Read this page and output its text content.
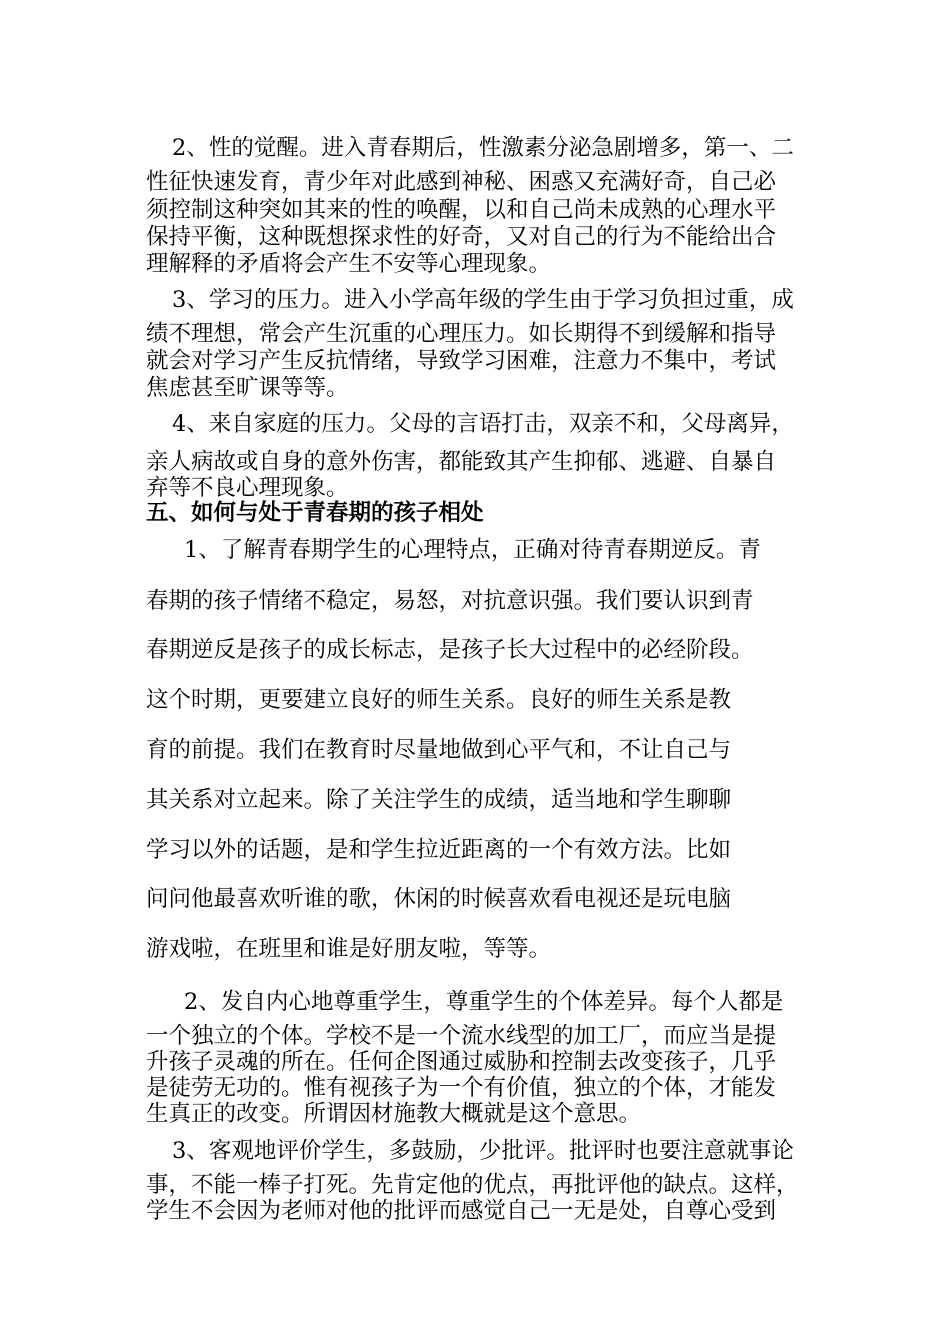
2、性的觉醒。进入青春期后，性激素分泌急剧增多，第一、二

性征快速发育，青少年对此感到神秘、困惑又充满好奇，自己必

须控制这种突如其来的性的唤醒，以和自己尚未成熟的心理水平

保持平衡，这种既想探求性的好奇，又对自己的行为不能给出合

理解释的矛盾将会产生不安等心理现象。

3、学习的压力。进入小学高年级的学生由于学习负担过重，成

绩不理想，常会产生沉重的心理压力。如长期得不到缓解和指导

就会对学习产生反抗情绪，导致学习困难，注意力不集中，考试

焦虑甚至旷课等等。

4、来自家庭的压力。父母的言语打击，双亲不和，父母离异，

亲人病故或自身的意外伤害，都能致其产生抑郁、逃避、自暴自

弃等不良心理现象。

五、如何与处于青春期的孩子相处

1、了解青春期学生的心理特点，正确对待青春期逆反。青

春期的孩子情绪不稳定，易怒，对抗意识强。我们要认识到青

春期逆反是孩子的成长标志，是孩子长大过程中的必经阶段。

这个时期，更要建立良好的师生关系。良好的师生关系是教

育的前提。我们在教育时尽量地做到心平气和，不让自己与

其关系对立起来。除了关注学生的成绩，适当地和学生聊聊

学习以外的话题，是和学生拉近距离的一个有效方法。比如

问问他最喜欢听谁的歌，休闲的时候喜欢看电视还是玩电脑

游戏啦，在班里和谁是好朋友啦，等等。

2、发自内心地尊重学生，尊重学生的个体差异。每个人都是

一个独立的个体。学校不是一个流水线型的加工厂，而应当是提

升孩子灵魂的所在。任何企图通过威胁和控制去改变孩子，几乎

是徒劳无功的。惟有视孩子为一个有价值，独立的个体，才能发

生真正的改变。所谓因材施教大概就是这个意思。

3、客观地评价学生，多鼓励，少批评。批评时也要注意就事论

事，不能一棒子打死。先肯定他的优点，再批评他的缺点。这样，

学生不会因为老师对他的批评而感觉自己一无是处，自尊心受到
